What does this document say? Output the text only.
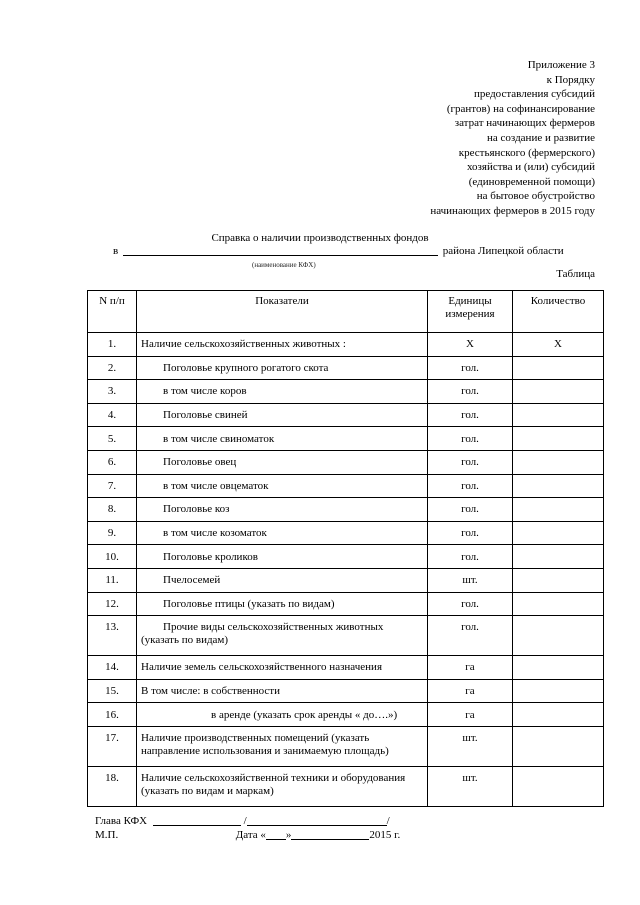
Приложение 3
к Порядку
предоставления субсидий
(грантов) на софинансирование
затрат начинающих фермеров
на создание и развитие
крестьянского (фермерского)
хозяйства и (или) субсидий
(единовременной помощи)
на бытовое обустройство
начинающих фермеров в 2015 году
Справка о наличии производственных фондов
в	района Липецкой области
(наименование КФХ)
Таблица
N п/п	Показатели	Единицы измерения	Количество
1.	Наличие сельскохозяйственных животных :	Х	Х
2.	Поголовье крупного рогатого скота	гол.	
3.	в том числе коров	гол.	
4.	Поголовье свиней	гол.	
5.	в том числе свиноматок	гол.	
6.	Поголовье овец	гол.	
7.	в том числе овцематок	гол.	
8.	Поголовье коз	гол.	
9.	в том числе козоматок	гол.	
10.	Поголовье кроликов	гол.	
11.	Пчелосемей	шт.	
12.	Поголовье птицы (указать по видам)	гол.	
13.	Прочие виды сельскохозяйственных животных (указать по видам)	гол.	
14.	Наличие земель сельскохозяйственного назначения	га	
15.	В том числе: в собственности	га	
16.	в аренде (указать срок аренды « до….»)	га	
17.	Наличие производственных помещений (указать направление использования и занимаемую площадь)	шт.	
18.	Наличие сельскохозяйственной техники и оборудования (указать по видам и маркам)	шт.	
Глава КФХ	/	/
М.П.	Дата « »	2015 г.
